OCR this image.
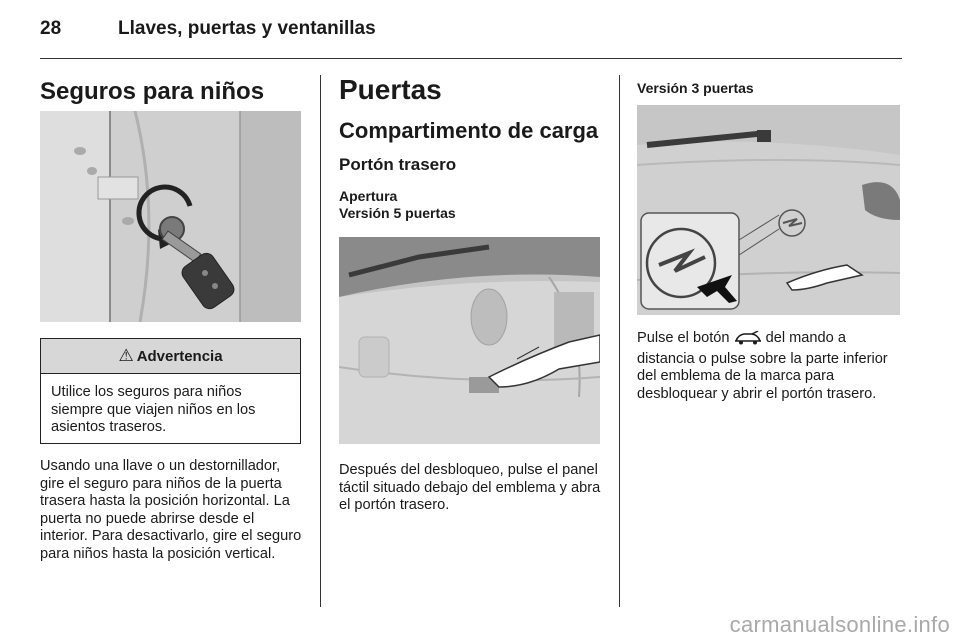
28	Llaves, puertas y ventanillas
Seguros para niños
⚠ Advertencia

Utilice los seguros para niños siempre que viajen niños en los asientos traseros.

Usando una llave o un destornillador, gire el seguro para niños de la puerta trasera hasta la posición horizontal. La puerta no puede abrirse desde el interior. Para desactivarlo, gire el seguro para niños hasta la posición vertical.

Puertas
Compartimento de carga
Portón trasero
Apertura
Versión 5 puertas

Después del desbloqueo, pulse el panel táctil situado debajo del emblema y abra el portón trasero.

Versión 3 puertas

Pulse el botón del mando a distancia o pulse sobre la parte inferior del emblema de la marca para desbloquear y abrir el portón trasero.

carmanualsonline.info
